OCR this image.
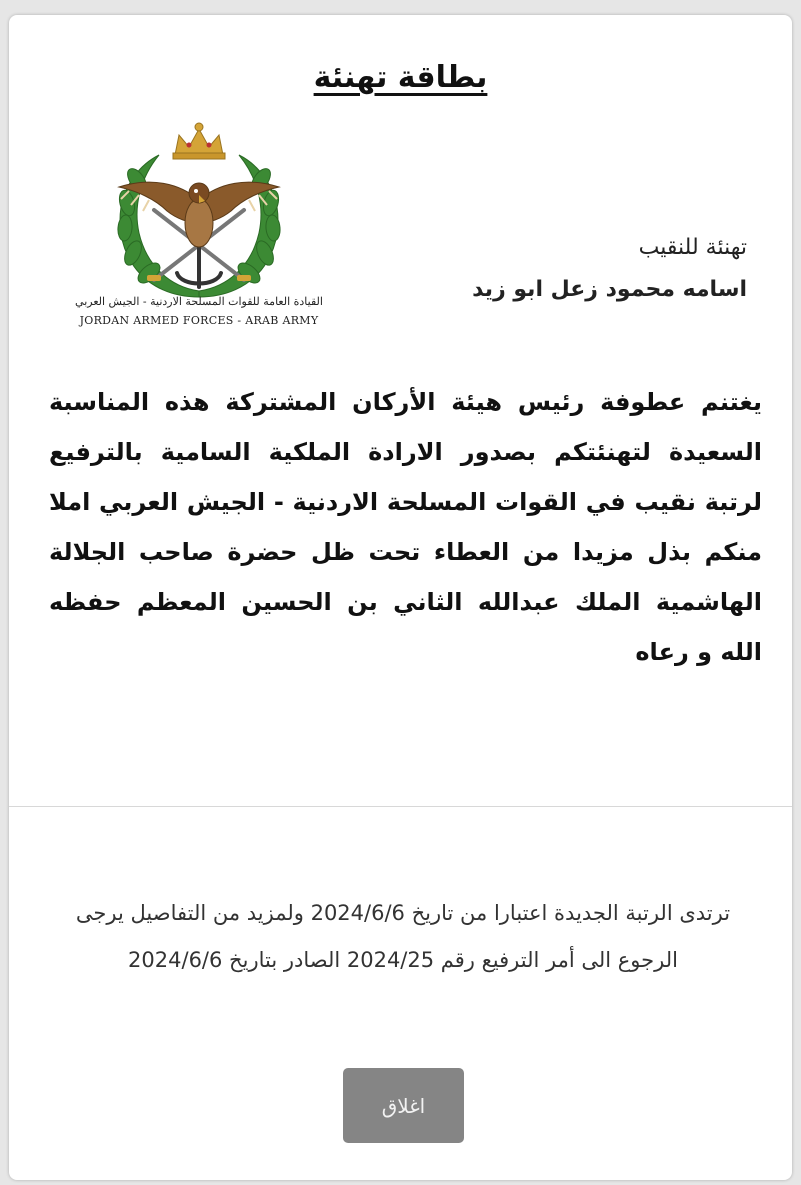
بطاقة تهنئة
القيادة العامة للقوات المسلحة الاردنية - الجيش العربي
JORDAN ARMED FORCES - ARAB ARMY
تهنئة للنقيب
اسامه محمود زعل ابو زيد
يغتنم عطوفة رئيس هيئة الأركان المشتركة هذه المناسبة السعيدة لتهنئتكم بصدور الارادة الملكية السامية بالترفيع لرتبة نقيب في القوات المسلحة الاردنية - الجيش العربي املا منكم بذل مزيدا من العطاء تحت ظل حضرة صاحب الجلالة الهاشمية الملك عبدالله الثاني بن الحسين المعظم حفظه الله و رعاه
ترتدى الرتبة الجديدة اعتبارا من تاريخ 2024/6/6 ولمزيد من التفاصيل يرجى الرجوع الى أمر الترفيع رقم 2024/25 الصادر بتاريخ 2024/6/6
اغلاق
